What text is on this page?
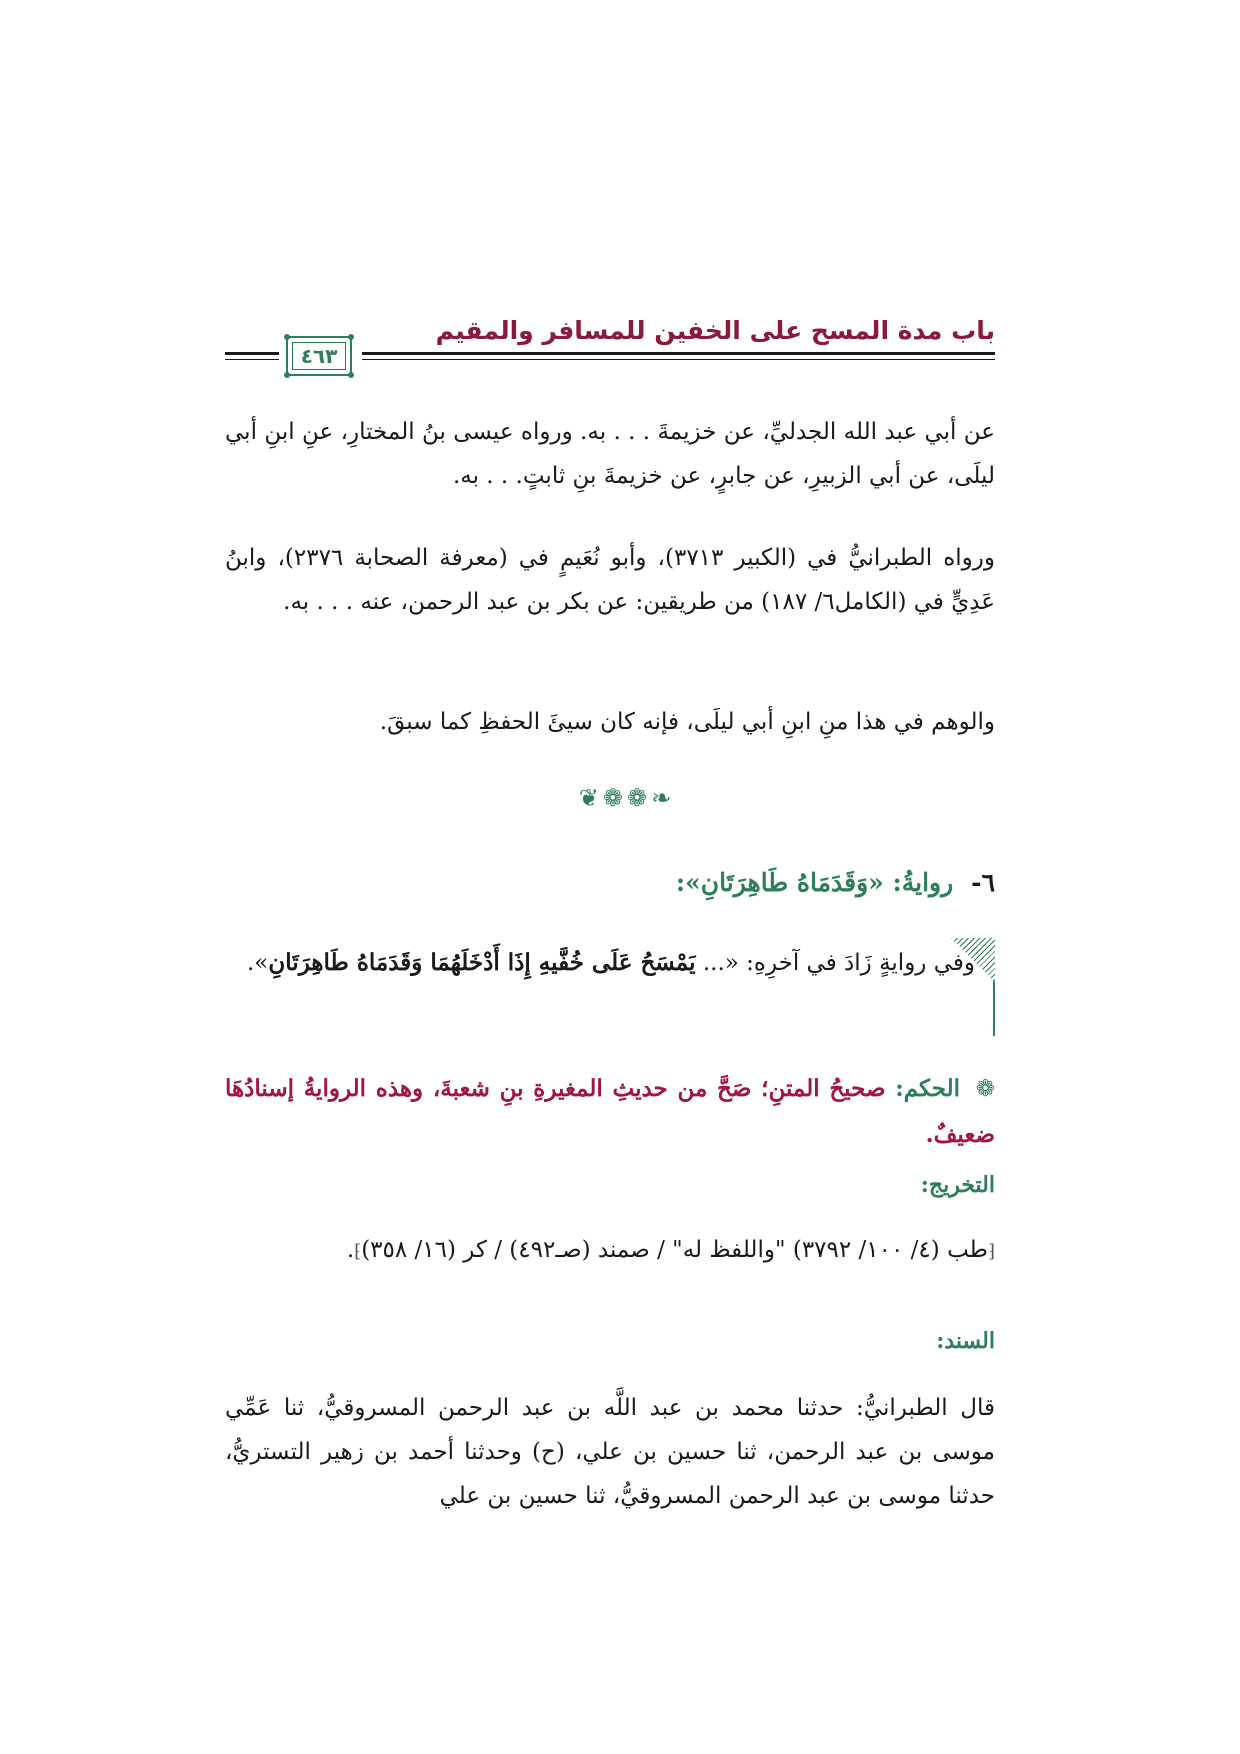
باب مدة المسح على الخفين للمسافر والمقيم
٤٦٣
عن أبي عبد الله الجدليِّ، عن خزيمةَ . . . به. ورواه عيسى بنُ المختارِ، عنِ ابنِ أبي ليلَى، عن أبي الزبيرِ، عن جابرٍ، عن خزيمةَ بنِ ثابتٍ. . . به.
ورواه الطبرانيُّ في (الكبير ٣٧١٣)، وأبو نُعَيمٍ في (معرفة الصحابة ٢٣٧٦)، وابنُ عَدِيٍّ في (الكامل٦/ ١٨٧) من طريقين: عن بكر بن عبد الرحمن، عنه . . . به.
والوهم في هذا منِ ابنِ أبي ليلَى، فإنه كان سيئَ الحفظِ كما سبقَ.
❦ ❁ ❁ ❧
٦-روايةُ: «وَقَدَمَاهُ طَاهِرَتَانِ»:
وفي روايةٍ زَادَ في آخرِهِ: «... يَمْسَحُ عَلَى خُفَّيهِ إِذَا أَدْخَلَهُمَا وَقَدَمَاهُ طَاهِرَتَانِ».
❁ الحكم: صحيحُ المتنِ؛ صَحَّ من حديثِ المغيرةِ بنِ شعبةَ، وهذه الروايةُ إسنادُهَا ضعيفٌ.
التخريج:
⁅طب (٤/ ١٠٠/ ٣٧٩٢) "واللفظ له" / صمند (صـ٤٩٢) / كر (١٦/ ٣٥٨)⁆.
السند:
قال الطبرانيُّ: حدثنا محمد بن عبد اللَّه بن عبد الرحمن المسروقيُّ، ثنا عَمِّي موسى بن عبد الرحمن، ثنا حسين بن علي، (ح) وحدثنا أحمد بن زهير التستريُّ، حدثنا موسى بن عبد الرحمن المسروقيُّ، ثنا حسين بن علي
